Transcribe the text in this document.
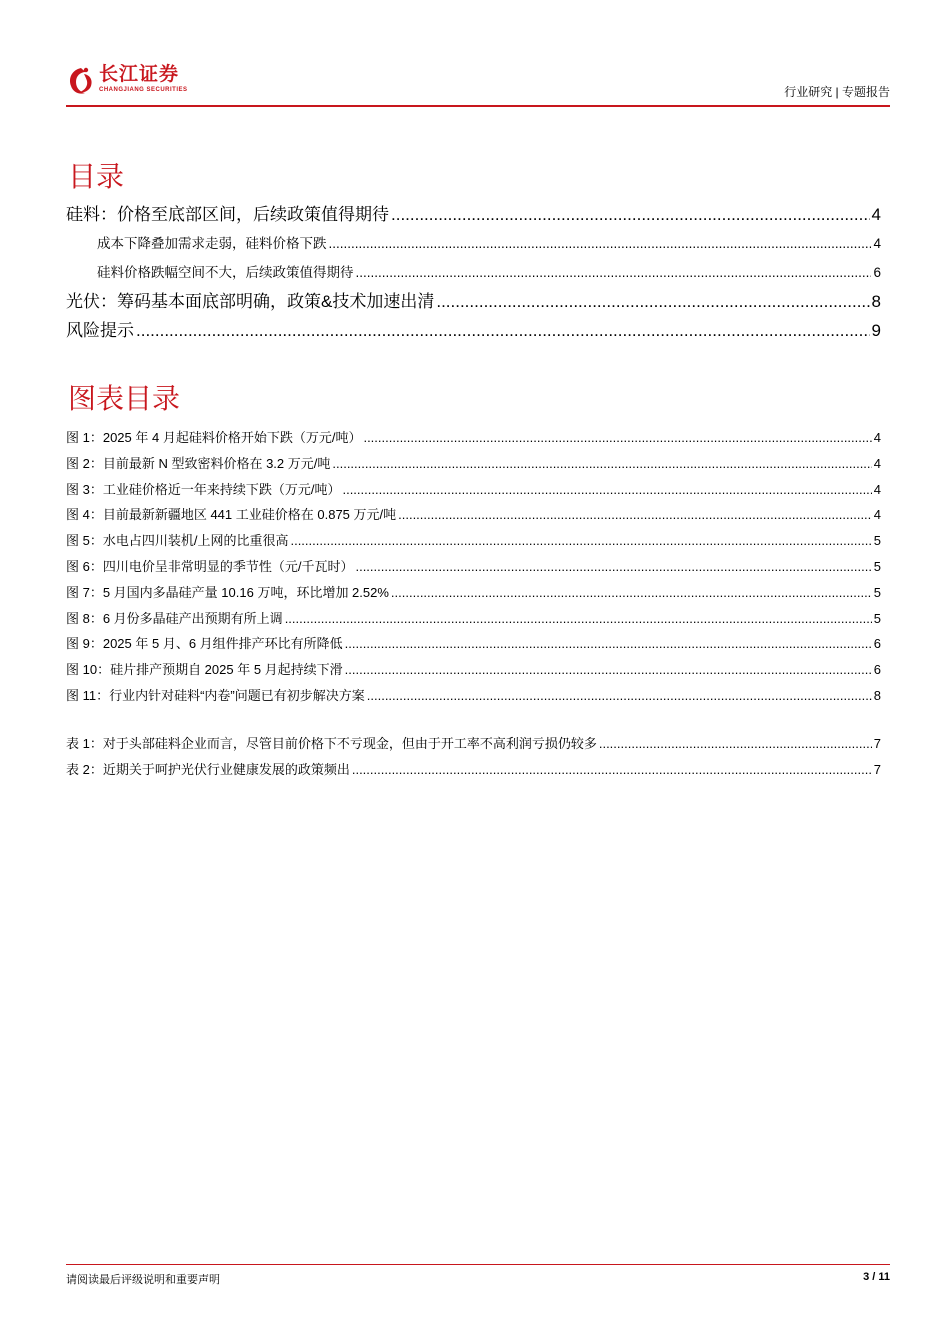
长江证券
CHANGJIANG SECURITIES	行业研究 | 专题报告
目录
硅料：价格至底部区间，后续政策值得期待 .....	4
成本下降叠加需求走弱，硅料价格下跌 .....	4
硅料价格跌幅空间不大，后续政策值得期待 .....	6
光伏：筹码基本面底部明确，政策&技术加速出清 .....	8
风险提示 .....	9
图表目录
图 1：2025 年 4 月起硅料价格开始下跌（万元/吨） .....	4
图 2：目前最新 N 型致密料价格在 3.2 万元/吨 .....	4
图 3：工业硅价格近一年来持续下跌（万元/吨） .....	4
图 4：目前最新新疆地区 441 工业硅价格在 0.875 万元/吨 .....	4
图 5：水电占四川装机/上网的比重很高 .....	5
图 6：四川电价呈非常明显的季节性（元/千瓦时） .....	5
图 7：5 月国内多晶硅产量 10.16 万吨，环比增加 2.52% .....	5
图 8：6 月份多晶硅产出预期有所上调 .....	5
图 9：2025 年 5 月、6 月组件排产环比有所降低 .....	6
图 10：硅片排产预期自 2025 年 5 月起持续下滑 .....	6
图 11：行业内针对硅料“内卷”问题已有初步解决方案 .....	8
表 1：对于头部硅料企业而言，尽管目前价格下不亏现金，但由于开工率不高利润亏损仍较多 .....	7
表 2：近期关于呵护光伏行业健康发展的政策频出 .....	7
请阅读最后评级说明和重要声明	3 / 11
